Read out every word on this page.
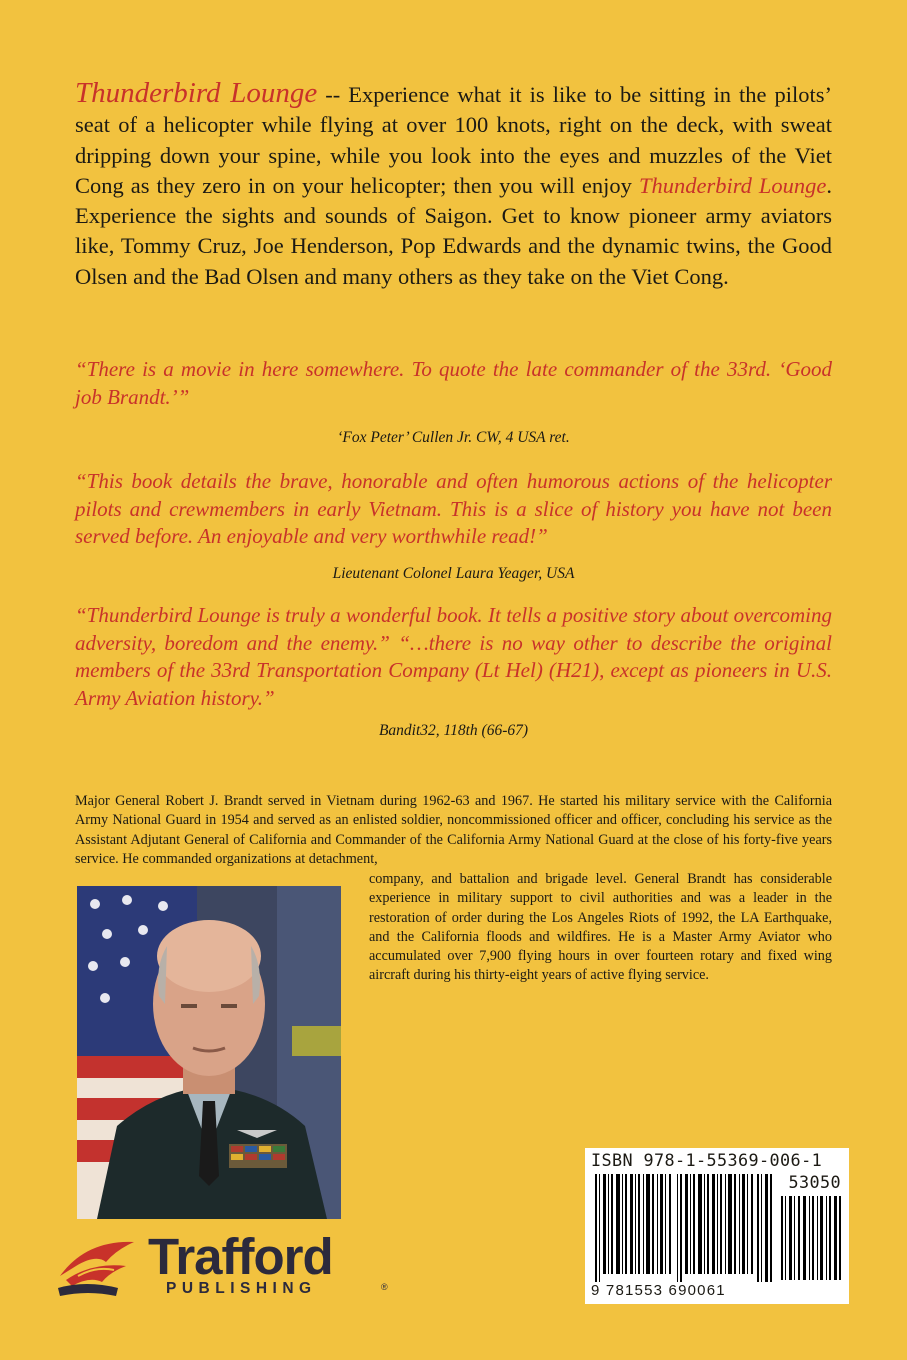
Thunderbird Lounge -- Experience what it is like to be sitting in the pilots’ seat of a helicopter while flying at over 100 knots, right on the deck, with sweat dripping down your spine, while you look into the eyes and muzzles of the Viet Cong as they zero in on your helicopter; then you will enjoy Thunderbird Lounge. Experience the sights and sounds of Saigon. Get to know pioneer army aviators like, Tommy Cruz, Joe Henderson, Pop Edwards and the dynamic twins, the Good Olsen and the Bad Olsen and many others as they take on the Viet Cong.

“There is a movie in here somewhere. To quote the late commander of the 33rd. ‘Good job Brandt.’”

‘Fox Peter’ Cullen Jr. CW, 4 USA ret.

“This book details the brave, honorable and often humorous actions of the helicopter pilots and crewmembers in early Vietnam. This is a slice of history you have not been served before. An enjoyable and very worthwhile read!”

Lieutenant Colonel Laura Yeager, USA

“Thunderbird Lounge is truly a wonderful book. It tells a positive story about overcoming adversity, boredom and the enemy.” “…there is no way other to describe the original members of the 33rd Transportation Company (Lt Hel) (H21), except as pioneers in U.S. Army Aviation history.”

Bandit32, 118th (66-67)

Major General Robert J. Brandt served in Vietnam during 1962-63 and 1967. He started his military service with the California Army National Guard in 1954 and served as an enlisted soldier, noncommissioned officer and officer, concluding his service as the Assistant Adjutant General of California and Commander of the California Army National Guard at the close of his forty-five years service. He commanded organizations at detachment,

company, and battalion and brigade level. General Brandt has considerable experience in military support to civil authorities and was a leader in the restoration of order during the Los Angeles Riots of 1992, the LA Earthquake, and the California floods and wildfires. He is a Master Army Aviator who accumulated over 7,900 flying hours in over fourteen rotary and fixed wing aircraft during his thirty-eight years of active flying service.

ISBN 978-1-55369-006-1
53050
9 781553 690061
Trafford
PUBLISHING	®
